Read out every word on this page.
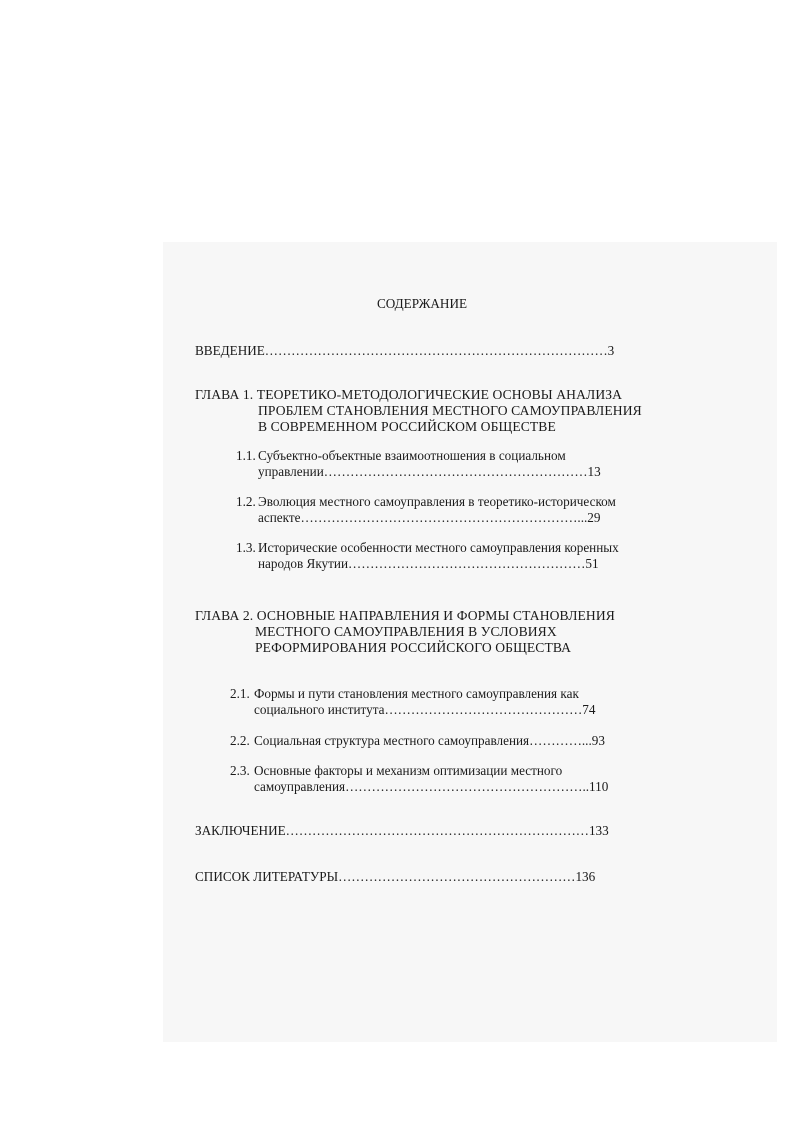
СОДЕРЖАНИЕ
ВВЕДЕНИЕ……………………………………………………………………3
ГЛАВА 1. ТЕОРЕТИКО-МЕТОДОЛОГИЧЕСКИЕ ОСНОВЫ АНАЛИЗА
ПРОБЛЕМ СТАНОВЛЕНИЯ МЕСТНОГО САМОУПРАВЛЕНИЯ
В СОВРЕМЕННОМ РОССИЙСКОМ ОБЩЕСТВЕ
1.1. Субъектно-объектные взаимоотношения в социальном
управлении……………………………………………………13
1.2. Эволюция местного самоуправления в теоретико-историческом
аспекте………………………………………………………...29
1.3. Исторические особенности местного самоуправления коренных
народов Якутии………………………………………………51
ГЛАВА 2. ОСНОВНЫЕ НАПРАВЛЕНИЯ И ФОРМЫ СТАНОВЛЕНИЯ
МЕСТНОГО САМОУПРАВЛЕНИЯ В УСЛОВИЯХ
РЕФОРМИРОВАНИЯ РОССИЙСКОГО ОБЩЕСТВА
2.1. Формы и пути становления местного самоуправления как
социального института………………………………………74
2.2. Социальная структура местного самоуправления…………...93
2.3. Основные факторы и механизм оптимизации местного
самоуправления………………………………………………..110
ЗАКЛЮЧЕНИЕ……………………………………………………………133
СПИСОК ЛИТЕРАТУРЫ………………………………………………136
